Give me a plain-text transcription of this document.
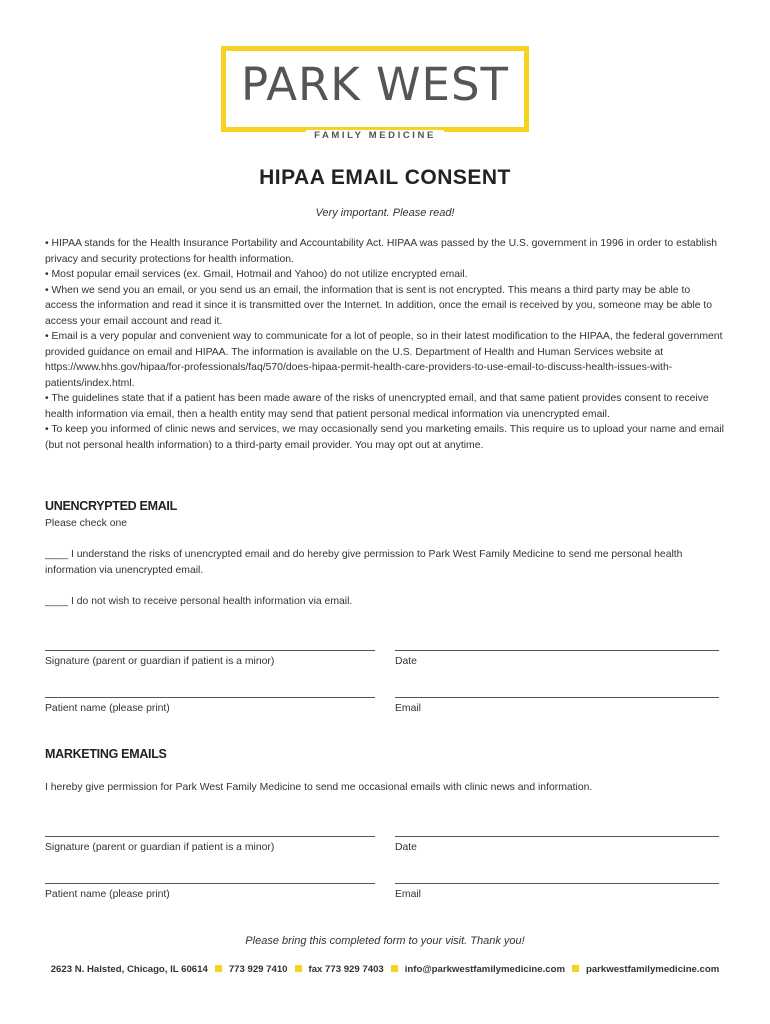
PARK WEST
FAMILY MEDICINE
HIPAA EMAIL CONSENT
Very important. Please read!

• HIPAA stands for the Health Insurance Portability and Accountability Act. HIPAA was passed by the U.S. government in 1996 in order to establish privacy and security protections for health information.

• Most popular email services (ex. Gmail, Hotmail and Yahoo) do not utilize encrypted email.

• When we send you an email, or you send us an email, the information that is sent is not encrypted. This means a third party may be able to access the information and read it since it is transmitted over the Internet. In addition, once the email is received by you, someone may be able to access your email account and read it.

• Email is a very popular and convenient way to communicate for a lot of people, so in their latest modification to the HIPAA, the federal government provided guidance on email and HIPAA. The information is available on the U.S. Department of Health and Human Services website at https://www.hhs.gov/hipaa/for-professionals/faq/570/does-hipaa-permit-health-care-providers-to-use-email-to-discuss-health-issues-with-patients/index.html.

• The guidelines state that if a patient has been made aware of the risks of unencrypted email, and that same patient provides consent to receive health information via email, then a health entity may send that patient personal medical information via unencrypted email.

• To keep you informed of clinic news and services, we may occasionally send you marketing emails. This require us to upload your name and email (but not personal health information) to a third-party email provider. You may opt out at anytime.

UNENCRYPTED EMAIL
Please check one
____ I understand the risks of unencrypted email and do hereby give permission to Park West Family Medicine to send me personal health information via unencrypted email.
____ I do not wish to receive personal health information via email.
Signature (parent or guardian if patient is a minor)	Date
Patient name (please print)	Email
MARKETING EMAILS
I hereby give permission for Park West Family Medicine to send me occasional emails with clinic news and information.
Signature (parent or guardian if patient is a minor)	Date
Patient name (please print)	Email
Please bring this completed form to your visit. Thank you!
2623 N. Halsted, Chicago, IL 60614 773 929 7410 fax 773 929 7403 info@parkwestfamilymedicine.com parkwestfamilymedicine.com
